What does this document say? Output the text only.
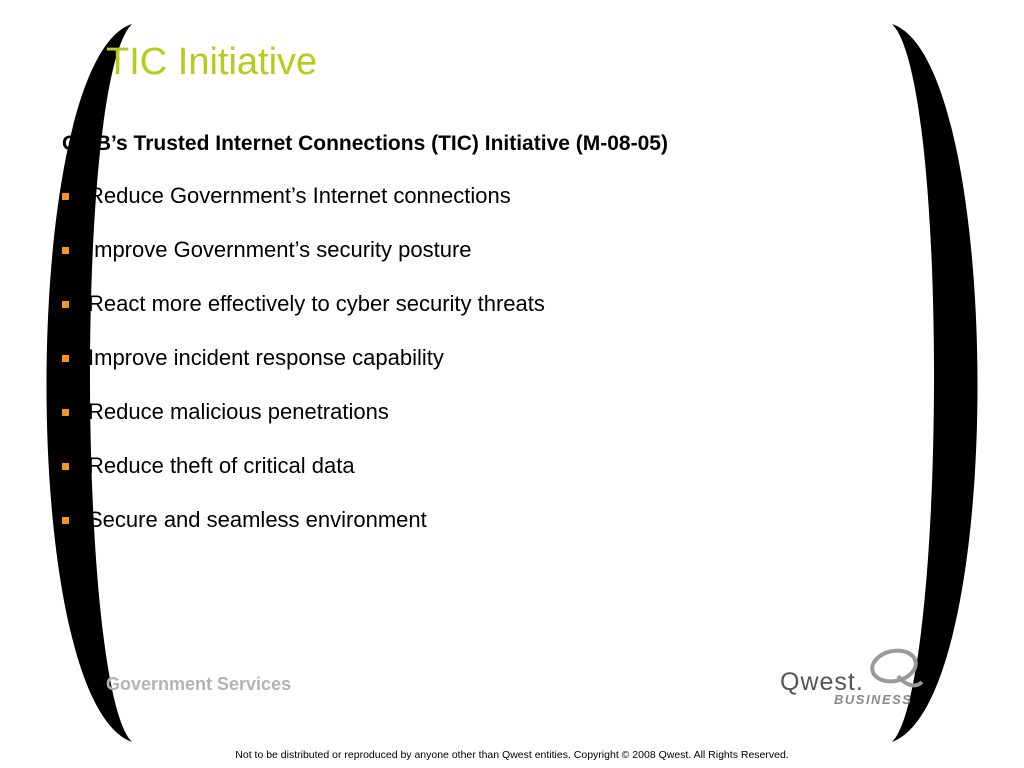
TIC Initiative	2
OMB’s Trusted Internet Connections (TIC) Initiative (M-08-05)
Reduce Government’s Internet connections
Improve Government’s security posture
React more effectively to cyber security threats
Improve incident response capability
Reduce malicious penetrations
Reduce theft of critical data
Secure and seamless environment
Government Services	Qwest.
BUSINESS
Not to be distributed or reproduced by anyone other than Qwest entities. Copyright © 2008 Qwest. All Rights Reserved.
